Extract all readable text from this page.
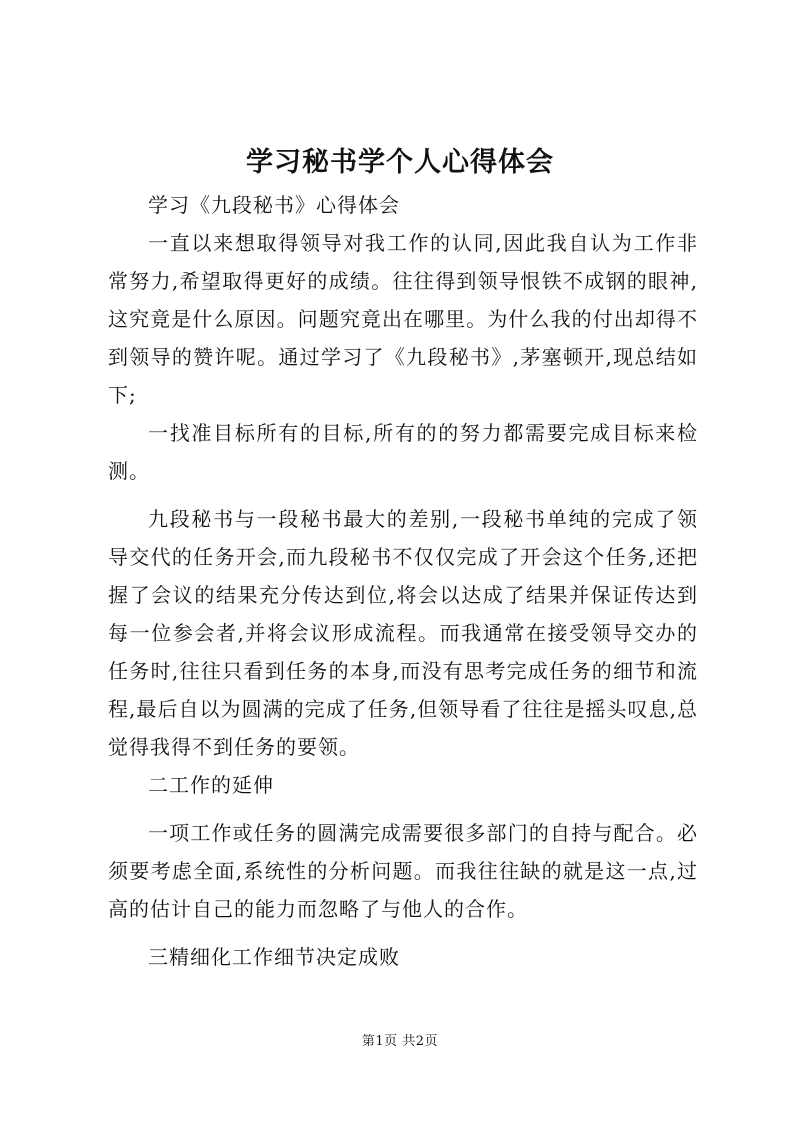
学习秘书学个人心得体会

学习《九段秘书》心得体会

一直以来想取得领导对我工作的认同,因此我自认为工作非常努力,希望取得更好的成绩。往往得到领导恨铁不成钢的眼神,这究竟是什么原因。问题究竟出在哪里。为什么我的付出却得不到领导的赞许呢。通过学习了《九段秘书》,茅塞顿开,现总结如下;

一找准目标所有的目标,所有的的努力都需要完成目标来检测。

九段秘书与一段秘书最大的差别,一段秘书单纯的完成了领导交代的任务开会,而九段秘书不仅仅完成了开会这个任务,还把握了会议的结果充分传达到位,将会以达成了结果并保证传达到每一位参会者,并将会议形成流程。而我通常在接受领导交办的任务时,往往只看到任务的本身,而没有思考完成任务的细节和流程,最后自以为圆满的完成了任务,但领导看了往往是摇头叹息,总觉得我得不到任务的要领。

二工作的延伸

一项工作或任务的圆满完成需要很多部门的自持与配合。必须要考虑全面,系统性的分析问题。而我往往缺的就是这一点,过高的估计自己的能力而忽略了与他人的合作。

三精细化工作细节决定成败

第1页 共2页
